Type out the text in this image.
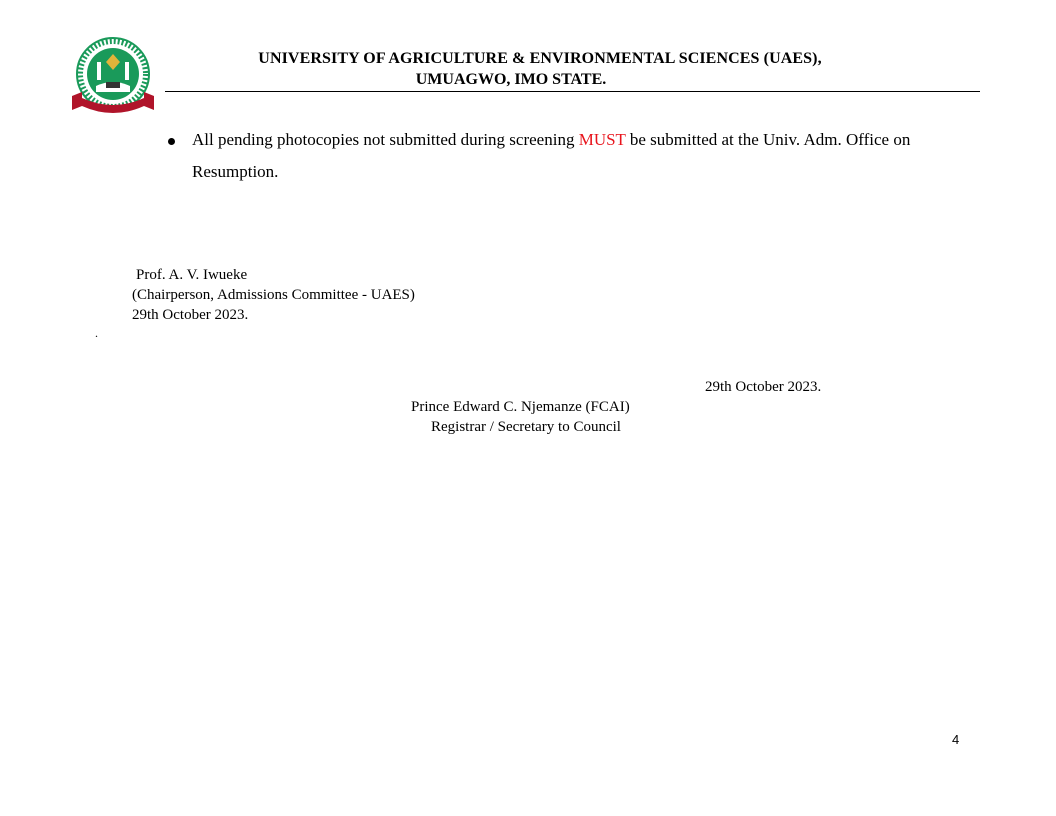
UNIVERSITY OF AGRICULTURE & ENVIRONMENTAL SCIENCES (UAES),
UMUAGWO, IMO STATE.
All pending photocopies not submitted during screening MUST be submitted at the Univ. Adm. Office on
Resumption.
Prof. A. V. Iwueke
(Chairperson, Admissions Committee - UAES)
29th October 2023.
.
29th October 2023.
Prince Edward C. Njemanze (FCAI)
Registrar / Secretary to Council
4
